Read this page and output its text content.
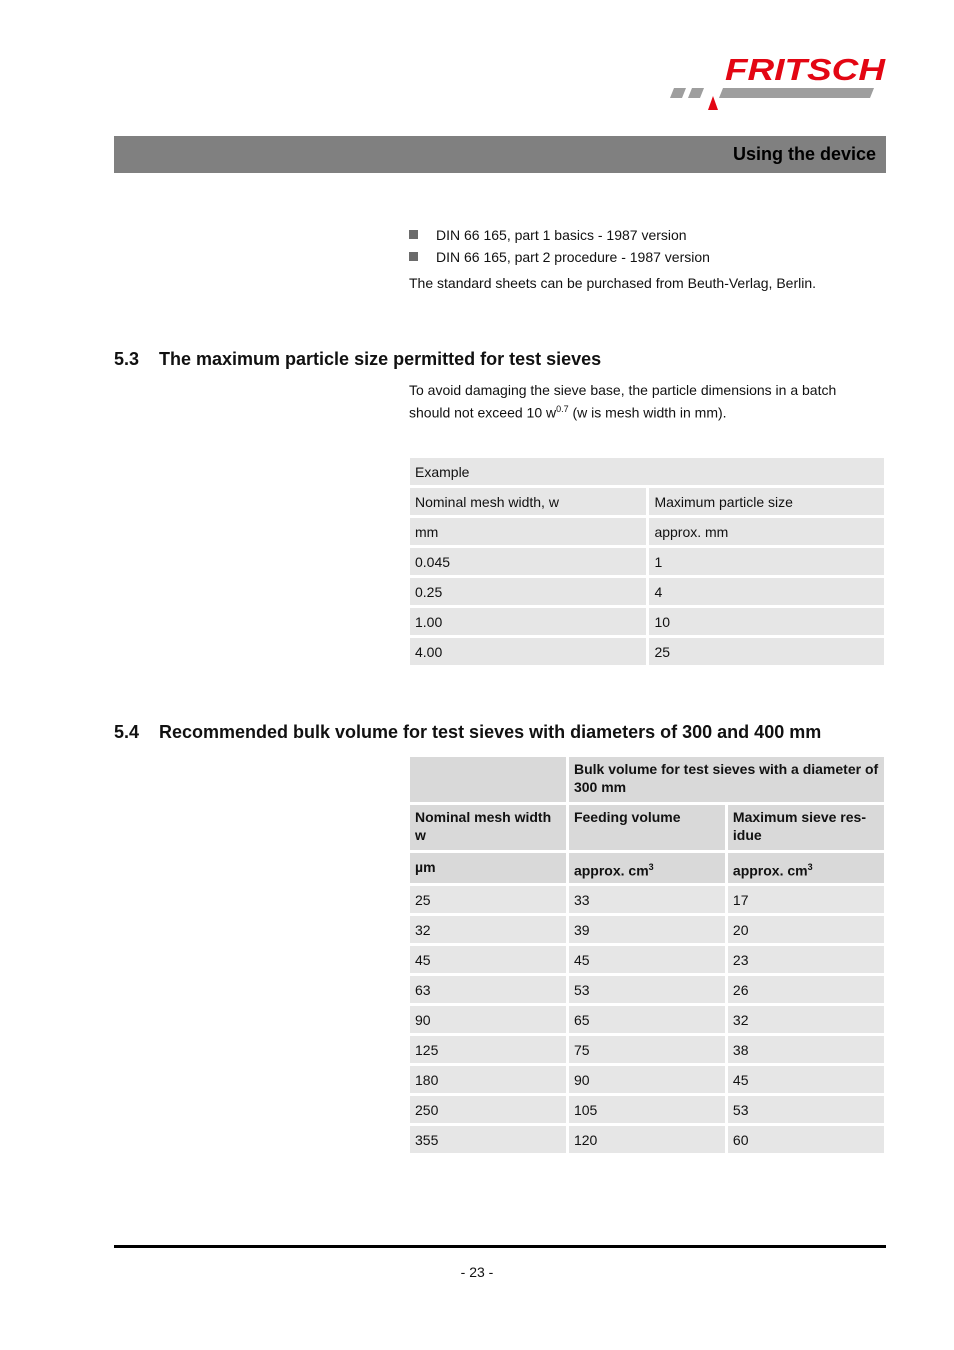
FRITSCH
Using the device
DIN 66 165, part 1 basics - 1987 version
DIN 66 165, part 2 procedure - 1987 version
The standard sheets can be purchased from Beuth-Verlag, Berlin.
5.3 The maximum particle size permitted for test sieves
To avoid damaging the sieve base, the particle dimensions in a batch should not exceed 10 $w^{0.7}$ (w is mesh width in mm).
Example	
Nominal mesh width, w	Maximum particle size
mm	approx. mm
0.045	1
0.25	4
1.00	10
4.00	25
5.4 Recommended bulk volume for test sieves with diameters of 300 and 400 mm
	Bulk volume for test sieves with a diameter of 300 mm	
Nominal mesh width w	Feeding volume	Maximum sieve res-idue
µm	approx. $cm^3$	approx. $cm^3$
25	33	17
32	39	20
45	45	23
63	53	26
90	65	32
125	75	38
180	90	45
250	105	53
355	120	60
- 23 -
